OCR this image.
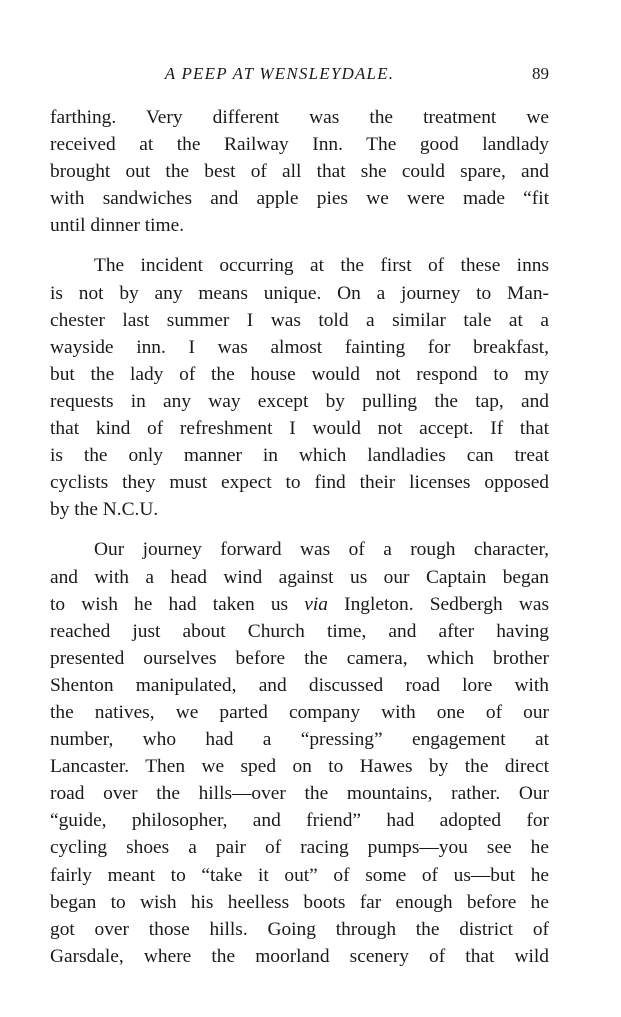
A PEEP AT WENSLEYDALE.	89
farthing. Very different was the treatment we
received at the Railway Inn. The good landlady
brought out the best of all that she could spare, and
with sandwiches and apple pies we were made “fit
until dinner time.
The incident occurring at the first of these inns
is not by any means unique. On a journey to Man-
chester last summer I was told a similar tale at a
wayside inn. I was almost fainting for breakfast,
but the lady of the house would not respond to my
requests in any way except by pulling the tap, and
that kind of refreshment I would not accept. If that
is the only manner in which landladies can treat
cyclists they must expect to find their licenses opposed
by the N.C.U.
Our journey forward was of a rough character,
and with a head wind against us our Captain began
to wish he had taken us via Ingleton. Sedbergh was
reached just about Church time, and after having
presented ourselves before the camera, which brother
Shenton manipulated, and discussed road lore with
the natives, we parted company with one of our
number, who had a “pressing” engagement at
Lancaster. Then we sped on to Hawes by the direct
road over the hills—over the mountains, rather. Our
“guide, philosopher, and friend” had adopted for
cycling shoes a pair of racing pumps—you see he
fairly meant to “take it out” of some of us—but he
began to wish his heelless boots far enough before he
got over those hills. Going through the district of
Garsdale, where the moorland scenery of that wild
